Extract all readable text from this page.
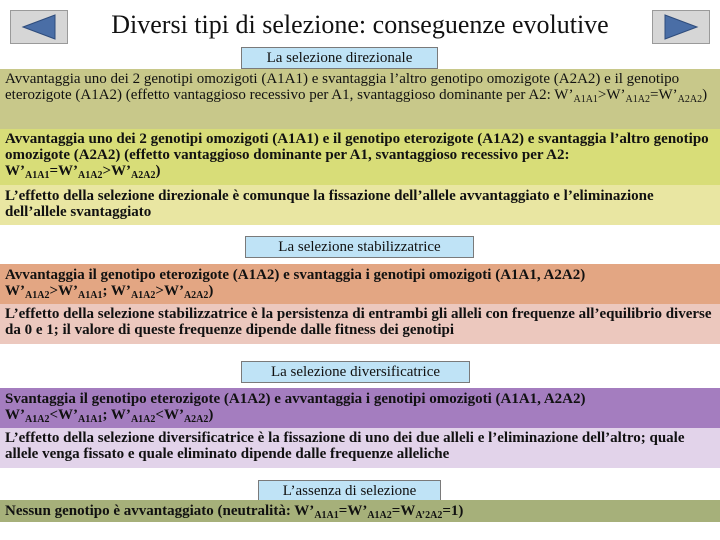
Diversi tipi di selezione: conseguenze evolutive
La selezione direzionale

Avvantaggia uno dei 2 genotipi omozigoti (A1A1) e svantaggia l’altro genotipo omozigote (A2A2) e il genotipo eterozigote (A1A2) (effetto vantaggioso recessivo per A1, svantaggioso dominante per A2: $W’_{A1A1}>W’_{A1A2}=W’_{A2A2}$)

Avvantaggia uno dei 2 genotipi omozigoti (A1A1) e il genotipo eterozigote (A1A2) e svantaggia l’altro genotipo omozigote (A2A2) (effetto vantaggioso dominante per A1, svantaggioso recessivo per A2: $W’_{A1A1}=W’_{A1A2}>W’_{A2A2}$)

L’effetto della selezione direzionale è comunque la fissazione dell’allele avvantaggiato e l’eliminazione dell’allele svantaggiato

La selezione stabilizzatrice

Avvantaggia il genotipo eterozigote (A1A2) e svantaggia i genotipi omozigoti (A1A1, A2A2)

$W’_{A1A2}>W’_{A1A1}$; $W’_{A1A2}>W’_{A2A2}$)

L’effetto della selezione stabilizzatrice è la persistenza di entrambi gli alleli con frequenze all’equilibrio diverse da 0 e 1; il valore di queste frequenze dipende dalle fitness dei genotipi

La selezione diversificatrice

Svantaggia il genotipo eterozigote (A1A2) e avvantaggia i genotipi omozigoti (A1A1, A2A2)

$W’_{A1A2}<W’_{A1A1}$; $W’_{A1A2}<W’_{A2A2}$)

L’effetto della selezione diversificatrice è la fissazione di uno dei due alleli e l’eliminazione dell’altro; quale allele venga fissato e quale eliminato dipende dalle frequenze alleliche

L’assenza di selezione

Nessun genotipo è avvantaggiato (neutralità: $W’_{A1A1}=W’_{A1A2}=W_{A’2A2}=1$)
